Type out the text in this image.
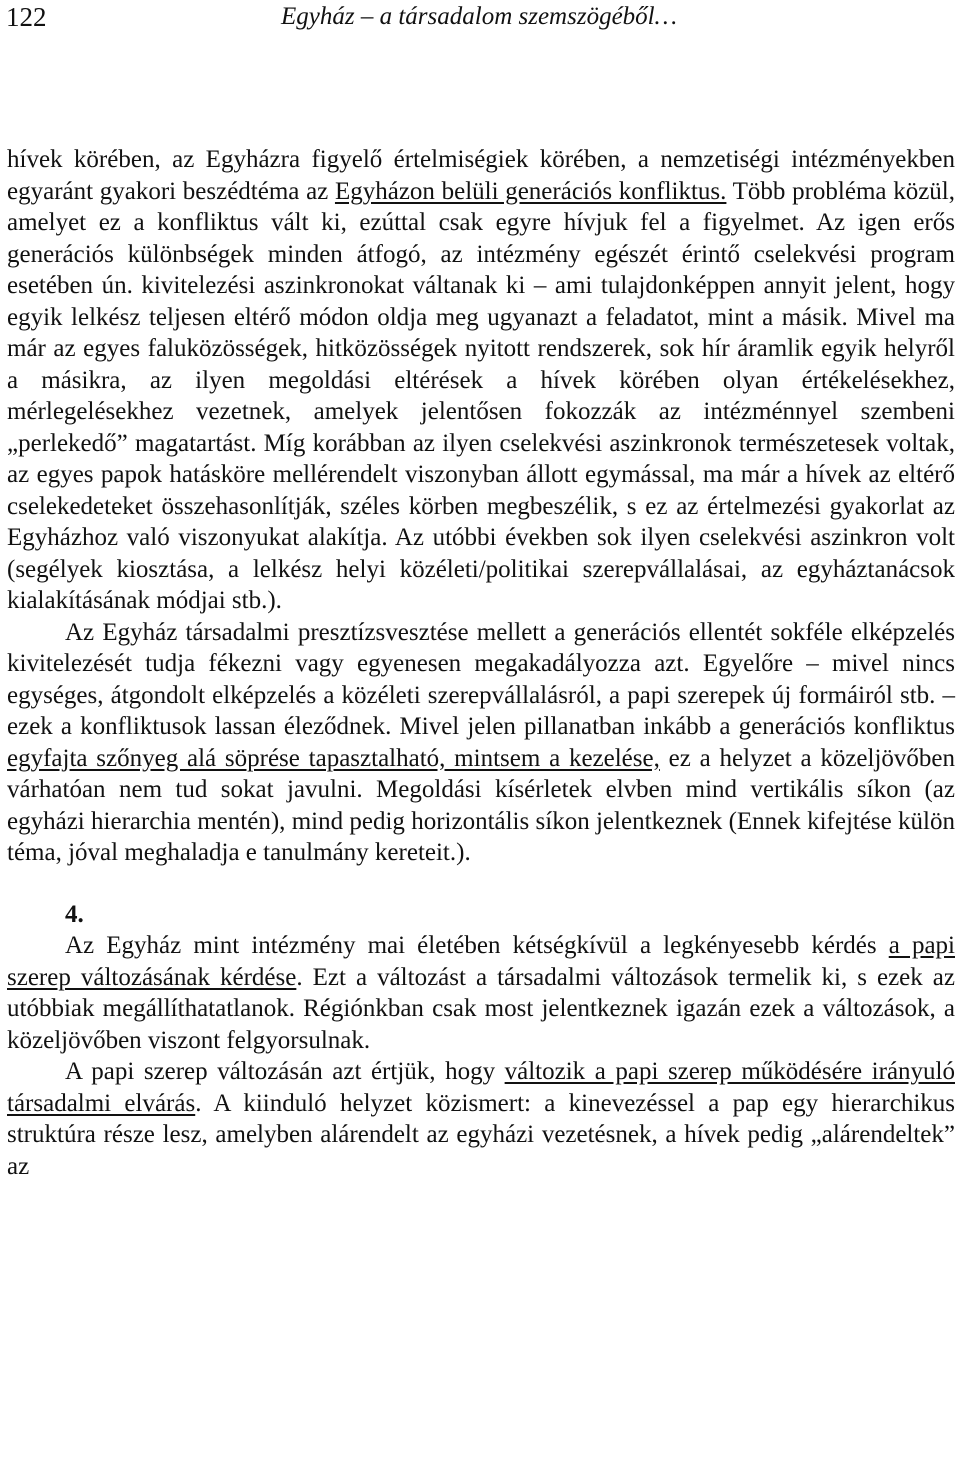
122	Egyház – a társadalom szemszögéből…

hívek körében, az Egyházra figyelő értelmiségiek körében, a nemzetiségi intézményekben egyaránt gyakori beszédtéma az Egyházon belüli generációs konfliktus. Több probléma közül, amelyet ez a konfliktus vált ki, ezúttal csak egyre hívjuk fel a figyelmet. Az igen erős generációs különbségek minden átfogó, az intézmény egészét érintő cselekvési program esetében ún. kivitelezési aszinkronokat váltanak ki – ami tulajdonképpen annyit jelent, hogy egyik lelkész teljesen eltérő módon oldja meg ugyanazt a feladatot, mint a másik. Mivel ma már az egyes faluközösségek, hitközösségek nyitott rendszerek, sok hír áramlik egyik helyről a másikra, az ilyen megoldási eltérések a hívek körében olyan értékelésekhez, mérlegelésekhez vezetnek, amelyek jelentősen fokozzák az intézménnyel szembeni „perlekedő” magatartást. Míg korábban az ilyen cselekvési aszinkronok természetesek voltak, az egyes papok hatásköre mellérendelt viszonyban állott egymással, ma már a hívek az eltérő cselekedeteket összehasonlítják, széles körben megbeszélik, s ez az értelmezési gyakorlat az Egyházhoz való viszonyukat alakítja. Az utóbbi években sok ilyen cselekvési aszinkron volt (segélyek kiosztása, a lelkész helyi közéleti/politikai szerepvállalásai, az egyháztanácsok kialakításának módjai stb.).

Az Egyház társadalmi presztízsvesztése mellett a generációs ellentét sokféle elképzelés kivitelezését tudja fékezni vagy egyenesen megakadályozza azt. Egyelőre – mivel nincs egységes, átgondolt elképzelés a közéleti szerepvállalásról, a papi szerepek új formáiról stb. – ezek a konfliktusok lassan éleződnek. Mivel jelen pillanatban inkább a generációs konfliktus egyfajta szőnyeg alá söprése tapasztalható, mintsem a kezelése, ez a helyzet a közeljövőben várhatóan nem tud sokat javulni. Megoldási kísérletek elvben mind vertikális síkon (az egyházi hierarchia mentén), mind pedig horizontális síkon jelentkeznek (Ennek kifejtése külön téma, jóval meghaladja e tanulmány kereteit.).

4.

Az Egyház mint intézmény mai életében kétségkívül a legkényesebb kérdés a papi szerep változásának kérdése. Ezt a változást a társadalmi változások termelik ki, s ezek az utóbbiak megállíthatatlanok. Régiónkban csak most jelentkeznek igazán ezek a változások, a közeljövőben viszont felgyorsulnak.

A papi szerep változásán azt értjük, hogy változik a papi szerep működésére irányuló társadalmi elvárás. A kiinduló helyzet közismert: a kinevezéssel a pap egy hierarchikus struktúra része lesz, amelyben alárendelt az egyházi vezetésnek, a hívek pedig „alárendeltek” az
